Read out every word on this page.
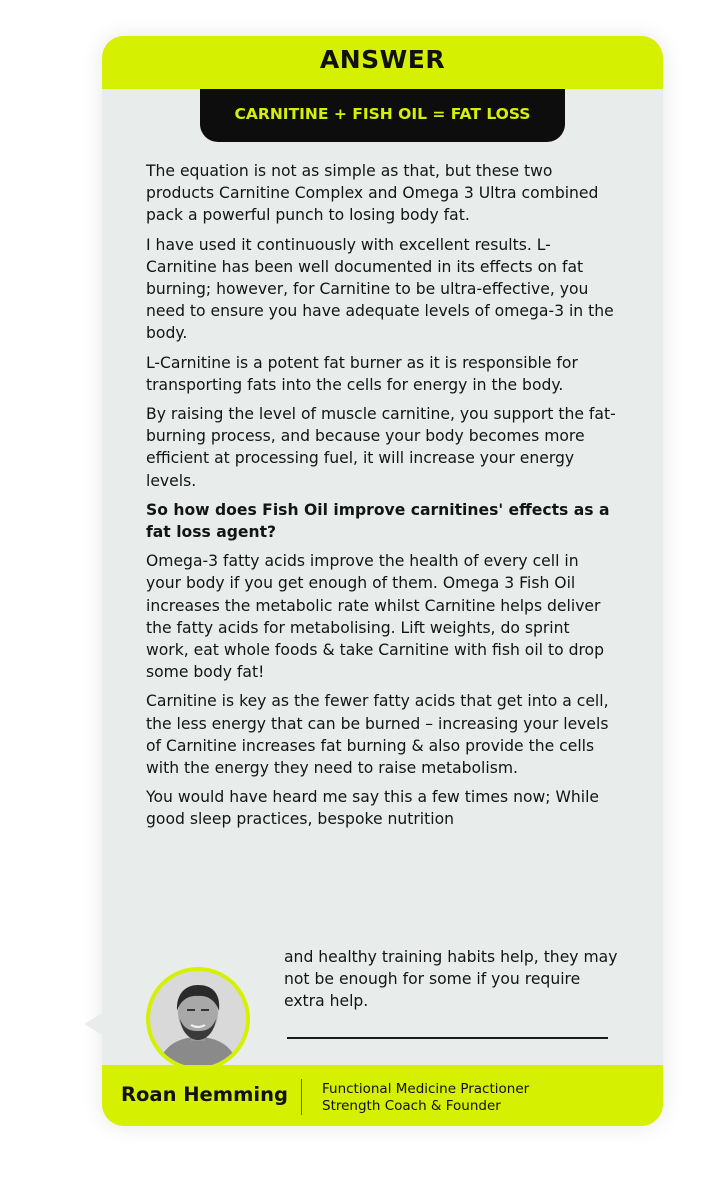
ANSWER
CARNITINE + FISH OIL = FAT LOSS

The equation is not as simple as that, but these two products Carnitine Complex and Omega 3 Ultra combined pack a powerful punch to losing body fat.

I have used it continuously with excellent results. L-Carnitine has been well documented in its effects on fat burning; however, for Carnitine to be ultra-effective, you need to ensure you have adequate levels of omega-3 in the body.

L-Carnitine is a potent fat burner as it is responsible for transporting fats into the cells for energy in the body.

By raising the level of muscle carnitine, you support the fat-burning process, and because your body becomes more efficient at processing fuel, it will increase your energy levels.

So how does Fish Oil improve carnitines' effects as a fat loss agent?

Omega-3 fatty acids improve the health of every cell in your body if you get enough of them. Omega 3 Fish Oil increases the metabolic rate whilst Carnitine helps deliver the fatty acids for metabolising. Lift weights, do sprint work, eat whole foods & take Carnitine with fish oil to drop some body fat!

Carnitine is key as the fewer fatty acids that get into a cell, the less energy that can be burned – increasing your levels of Carnitine increases fat burning & also provide the cells with the energy they need to raise metabolism.

You would have heard me say this a few times now; While good sleep practices, bespoke nutrition

and healthy training habits help, they may not be enough for some if you require extra help.
Roan Hemming	Functional Medicine Practioner
Strength Coach & Founder
